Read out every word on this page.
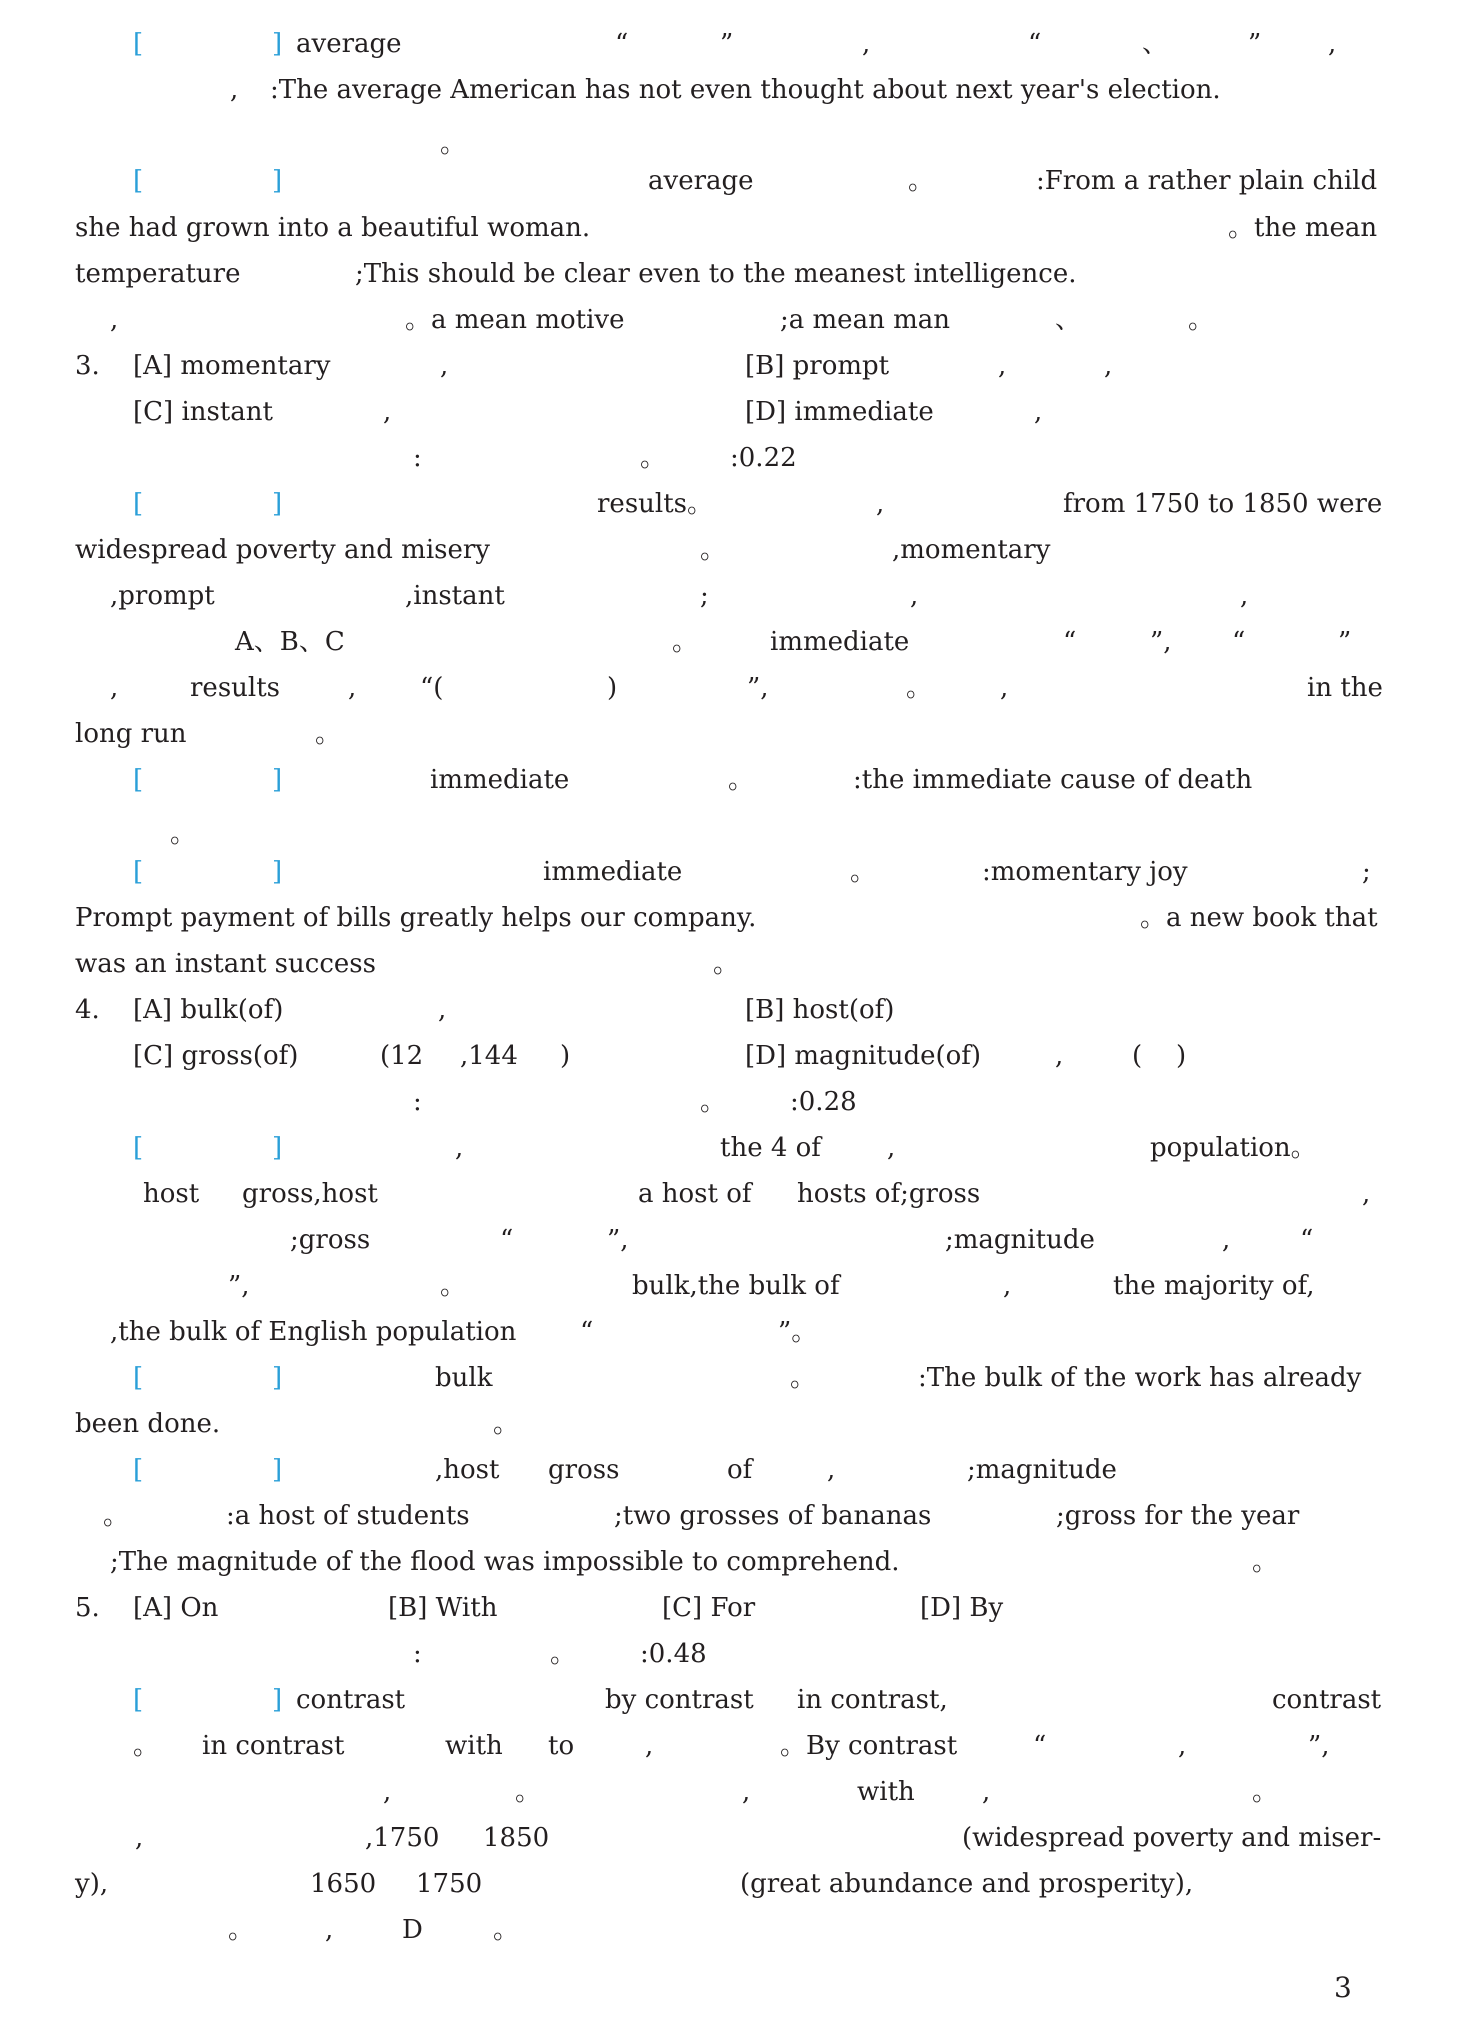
[	] average	“	”	,	“	、	”	,
, :The average American has not even thought about next year's election.
。
[	]	average	。	:From a rather plain child
she had grown into a beautiful woman.	。the mean
temperature	;This should be clear even to the meanest intelligence.
,	。a mean motive	;a mean man	、	。
3. [A] momentary	,	[B] prompt	,	,
[C] instant	,	[D] immediate	,
:	。 :0.22
[	]	results。	,	from 1750 to 1850 were
widespread poverty and misery	。	,momentary
,prompt	,instant	;	,	,
A、B、C	。	immediate	“	”, “	”
,	results	, “(	)	”,	。	,	in the
long run	。
[	]	immediate	。	:the immediate cause of death
。
[	]	immediate	。	:momentary joy	;
Prompt payment of bills greatly helps our company.	。a new book that
was an instant success	。
4. [A] bulk(of)	,	[B] host(of)
[C] gross(of)	(12 ,144 )	[D] magnitude(of)	,	( )
:	。 :0.28
[	]	,	the 4 of	,	population。
host gross,host	a host of hosts of;gross	,
;gross	“	”,	;magnitude	,	“
”,	。	bulk,the bulk of	,	the majority of,
,the bulk of English population “	”。
[	]	bulk	。	:The bulk of the work has already
been done.	。
[	]	,host gross	of	,	;magnitude
。	:a host of students	;two grosses of bananas	;gross for the year
;The magnitude of the flood was impossible to comprehend.	。
5. [A] On	[B] With	[C] For	[D] By
:	。 :0.48
[	] contrast	by contrast in contrast,	contrast
。 in contrast	with to	,	。By contrast	“	,	”,
,	。	,	with	,	。
,	,1750 1850	(widespread poverty and miser-
y),	1650 1750	(great abundance and prosperity),
。	,	D	。
3
